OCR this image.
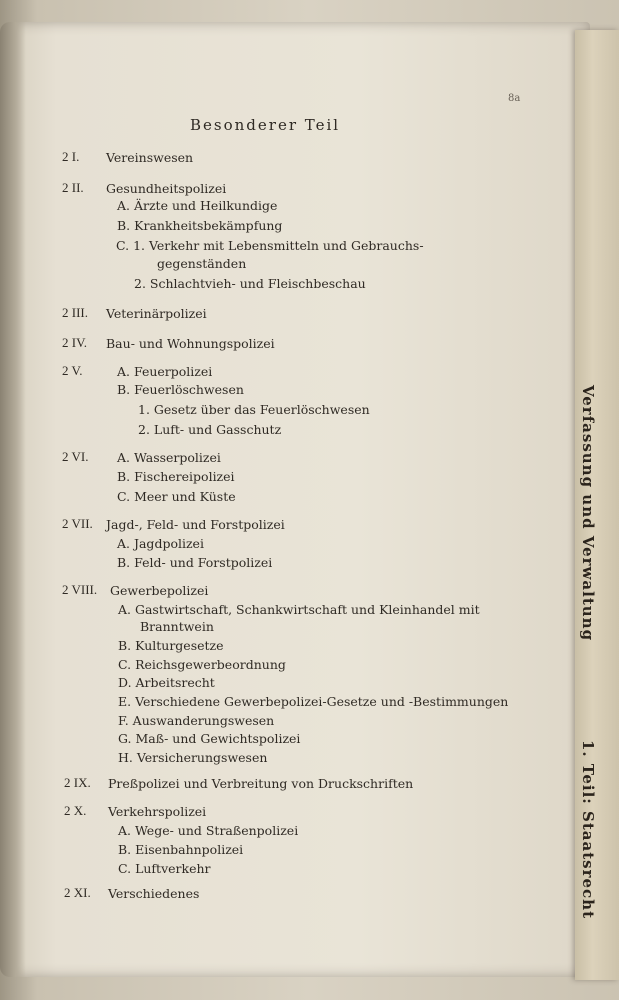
Verfassung und Verwaltung
1. Teil: Staatsrecht
8a
Besonderer Teil
2 I. Vereinswesen
2 II. Gesundheitspolizei
A. Ärzte und Heilkundige
B. Krankheitsbekämpfung
C. 1. Verkehr mit Lebensmitteln und Gebrauchs-
gegenständen
2. Schlachtvieh- und Fleischbeschau
2 III. Veterinärpolizei
2 IV. Bau- und Wohnungspolizei
2 V.	A. Feuerpolizei
B. Feuerlöschwesen
1. Gesetz über das Feuerlöschwesen
2. Luft- und Gasschutz
2 VI. A. Wasserpolizei
B. Fischereipolizei
C. Meer und Küste
2 VII. Jagd-, Feld- und Forstpolizei
A. Jagdpolizei
B. Feld- und Forstpolizei
2 VIII. Gewerbepolizei
A. Gastwirtschaft, Schankwirtschaft und Kleinhandel mit
Branntwein
B. Kulturgesetze
C. Reichsgewerbeordnung
D. Arbeitsrecht
E. Verschiedene Gewerbepolizei-Gesetze und -Bestimmungen
F. Auswanderungswesen
G. Maß- und Gewichtspolizei
H. Versicherungswesen
2 IX. Preßpolizei und Verbreitung von Druckschriften
2 X. Verkehrspolizei
A. Wege- und Straßenpolizei
B. Eisenbahnpolizei
C. Luftverkehr
2 XI. Verschiedenes
